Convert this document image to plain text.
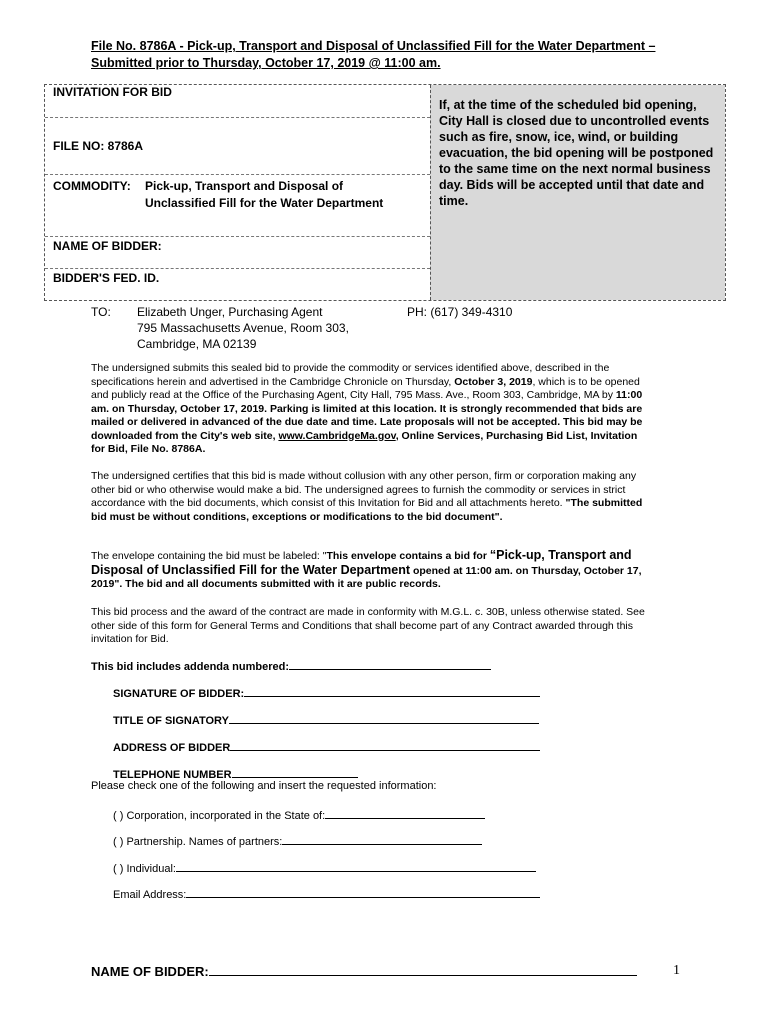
File No. 8786A - Pick-up, Transport and Disposal of Unclassified Fill for the Water Department –
Submitted prior to Thursday, October 17, 2019 @ 11:00 am.
INVITATION FOR BID
FILE NO: 8786A
COMMODITY: Pick-up, Transport and Disposal of
Unclassified Fill for the Water Department
NAME OF BIDDER:
BIDDER'S FED. ID.
If, at the time of the scheduled bid opening, City Hall is closed due to uncontrolled events such as fire, snow, ice, wind, or building evacuation, the bid opening will be postponed to the same time on the next normal business day. Bids will be accepted until that date and time.
TO: Elizabeth Unger, Purchasing Agent
795 Massachusetts Avenue, Room 303,
Cambridge, MA 02139
PH: (617) 349-4310
The undersigned submits this sealed bid to provide the commodity or services identified above, described in the specifications herein and advertised in the Cambridge Chronicle on Thursday, October 3, 2019, which is to be opened and publicly read at the Office of the Purchasing Agent, City Hall, 795 Mass. Ave., Room 303, Cambridge, MA by 11:00 am. on Thursday, October 17, 2019. Parking is limited at this location. It is strongly recommended that bids are mailed or delivered in advanced of the due date and time. Late proposals will not be accepted. This bid may be downloaded from the City's web site, www.CambridgeMa.gov, Online Services, Purchasing Bid List, Invitation for Bid, File No. 8786A.
The undersigned certifies that this bid is made without collusion with any other person, firm or corporation making any other bid or who otherwise would make a bid. The undersigned agrees to furnish the commodity or services in strict accordance with the bid documents, which consist of this Invitation for Bid and all attachments hereto. "The submitted bid must be without conditions, exceptions or modifications to the bid document".
The envelope containing the bid must be labeled: "This envelope contains a bid for “Pick-up, Transport and Disposal of Unclassified Fill for the Water Department opened at 11:00 am. on Thursday, October 17, 2019". The bid and all documents submitted with it are public records.
This bid process and the award of the contract are made in conformity with M.G.L. c. 30B, unless otherwise stated. See other side of this form for General Terms and Conditions that shall become part of any Contract awarded through this invitation for Bid.
This bid includes addenda numbered:
SIGNATURE OF BIDDER:
TITLE OF SIGNATORY
ADDRESS OF BIDDER
TELEPHONE NUMBER
Please check one of the following and insert the requested information:
( ) Corporation, incorporated in the State of:
( ) Partnership. Names of partners:
( ) Individual:
Email Address:
NAME OF BIDDER:	1
